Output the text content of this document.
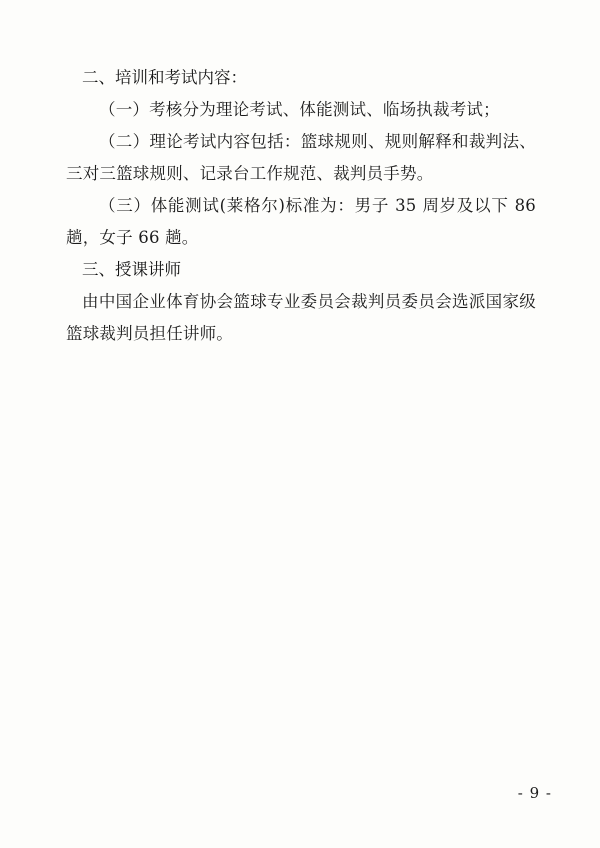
二、培训和考试内容：

（一）考核分为理论考试、体能测试、临场执裁考试；

（二）理论考试内容包括：篮球规则、规则解释和裁判法、三对三篮球规则、记录台工作规范、裁判员手势。

（三）体能测试(莱格尔)标准为：男子 35 周岁及以下 86 趟，女子 66 趟。

三、授课讲师

由中国企业体育协会篮球专业委员会裁判员委员会选派国家级篮球裁判员担任讲师。

- 9 -
